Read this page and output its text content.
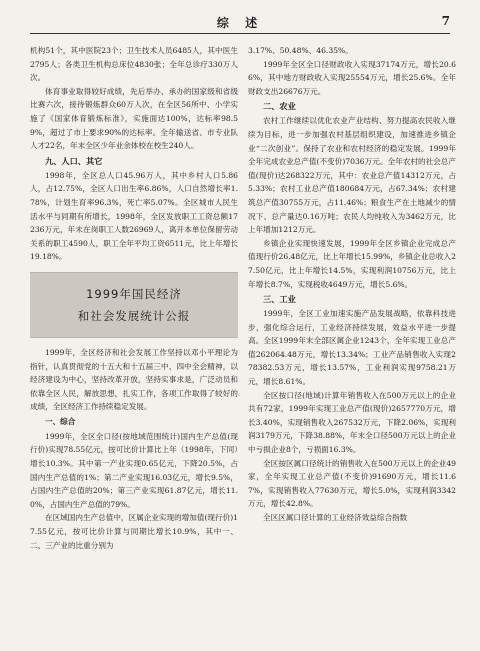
综 述	7

机构51个，其中医院23个；卫生技术人员6485人，其中医生2795人；各类卫生机构总床位4830张；全年总诊疗330万人次。

体育事业取得较好成绩，先后举办、承办的国家级和省级比赛六次，接待锻炼群众60万人次，在全区56所中、小学实施了《国家体育锻炼标准》，实施面达100%，达标率98.59%，超过了市上要求90%的达标率。全年输送省、市专业队人才22名，年末全区少年业余体校在校生240人。

九、人口、其它

1998年，全区总人口45.96万人，其中乡村人口5.86人，占12.75%，全区人口出生率6.86%，人口自然增长率1.78%，计划生育率96.3%，死亡率5.07%。全区城市人民生活水平与同期有所增长，1998年，全区发放职工工资总额17236万元，年末在岗职工人数26969人，离开本单位保留劳动关系的职工4590人，职工全年平均工资6511元，比上年增长19.18%。

1999年国民经济
和社会发展统计公报

1999年，全区经济和社会发展工作坚持以邓小平理论为指针，认真贯彻党的十五大和十五届三中、四中全会精神，以经济建设为中心，坚持改革开放，坚持实事求是，广泛动员和依靠全区人民，解放思想，扎实工作，各项工作取得了较好的成绩，全区经济工作持续稳定发展。

一、综合

1999年，全区全口径(按地域范围统计)国内生产总值(现行价)实现78.55亿元，按可比价计算比上年（1998年，下同）增长10.3%。其中第一产业实现0.65亿元，下降20.5%，占国内生产总值的1%；第二产业实现16.03亿元，增长9.5%，占国内生产总值的20%；第三产业实现61.87亿元，增长11.0%，占国内生产总值的79%。

在区域国内生产总值中，区属企业实现的增加值(现行价)17.55亿元，按可比价计算与同期比增长10.9%，其中一、二、三产业的比重分别为

3.17%、50.48%、46.35%。

1999年全区全口径财政收入实现37174万元，增长20.66%，其中地方财政收入实现25554万元，增长25.6%。全年财政支出26676万元。

二、农业

农村工作继续以优化农业产业结构、努力提高农民收入继续为目标，进一步加强农村基层组织建设，加速推进乡镇企业“二次创业”。保持了农业和农村经济的稳定发展。1999年全年完成农业总产值(不变价)7036万元。全年农村的社会总产值(现价)达268322万元，其中：农业总产值14312万元，占5.33%；农村工业总产值180684万元，占67.34%；农村建筑总产值30755万元，占11.46%；粮食生产在土地减少的情况下、总产量达0.16万吨；农民人均纯收入为3462万元，比上年增加1212万元。

乡镇企业实现快速发展，1999年全区乡镇企业完成总产值现行价26.48亿元，比上年增长15.99%，乡镇企业总收入27.50亿元，比上年增长14.5%，实现利润10756万元，比上年增长8.7%，实现税收4649万元，增长5.6%。

三、工业

1999年，全区工业加速实施产品发展战略，依靠科技进步，强化综合运行，工业经济持续发展，效益水平进一步提高。全区1999年末全部区属企业1243个，全年实现工业总产值262064.48万元，增长13.34%；工业产品销售收入实现278382.53万元，增长13.57%，工业利润实现9758.21万元，增长8.61%。

全区按口径(地域)计算年销售收入在500万元以上的企业共有72家，1999年实现工业总产值(现价)2657770万元，增长3.40%，实现销售收入267532万元，下降2.06%，实现利润3179万元，下降38.88%，年末全口径500万元以上的企业中亏损企业8个，亏损面16.3%。

全区按区属口径统计的销售收入在500万元以上的企业49家，全年实现工业总产值(不变价)91690万元，增长11.67%，实现销售收入77630万元，增长5.0%，实现利润3342万元，增长42.8%。

全区区属口径计算的工业经济效益综合指数
